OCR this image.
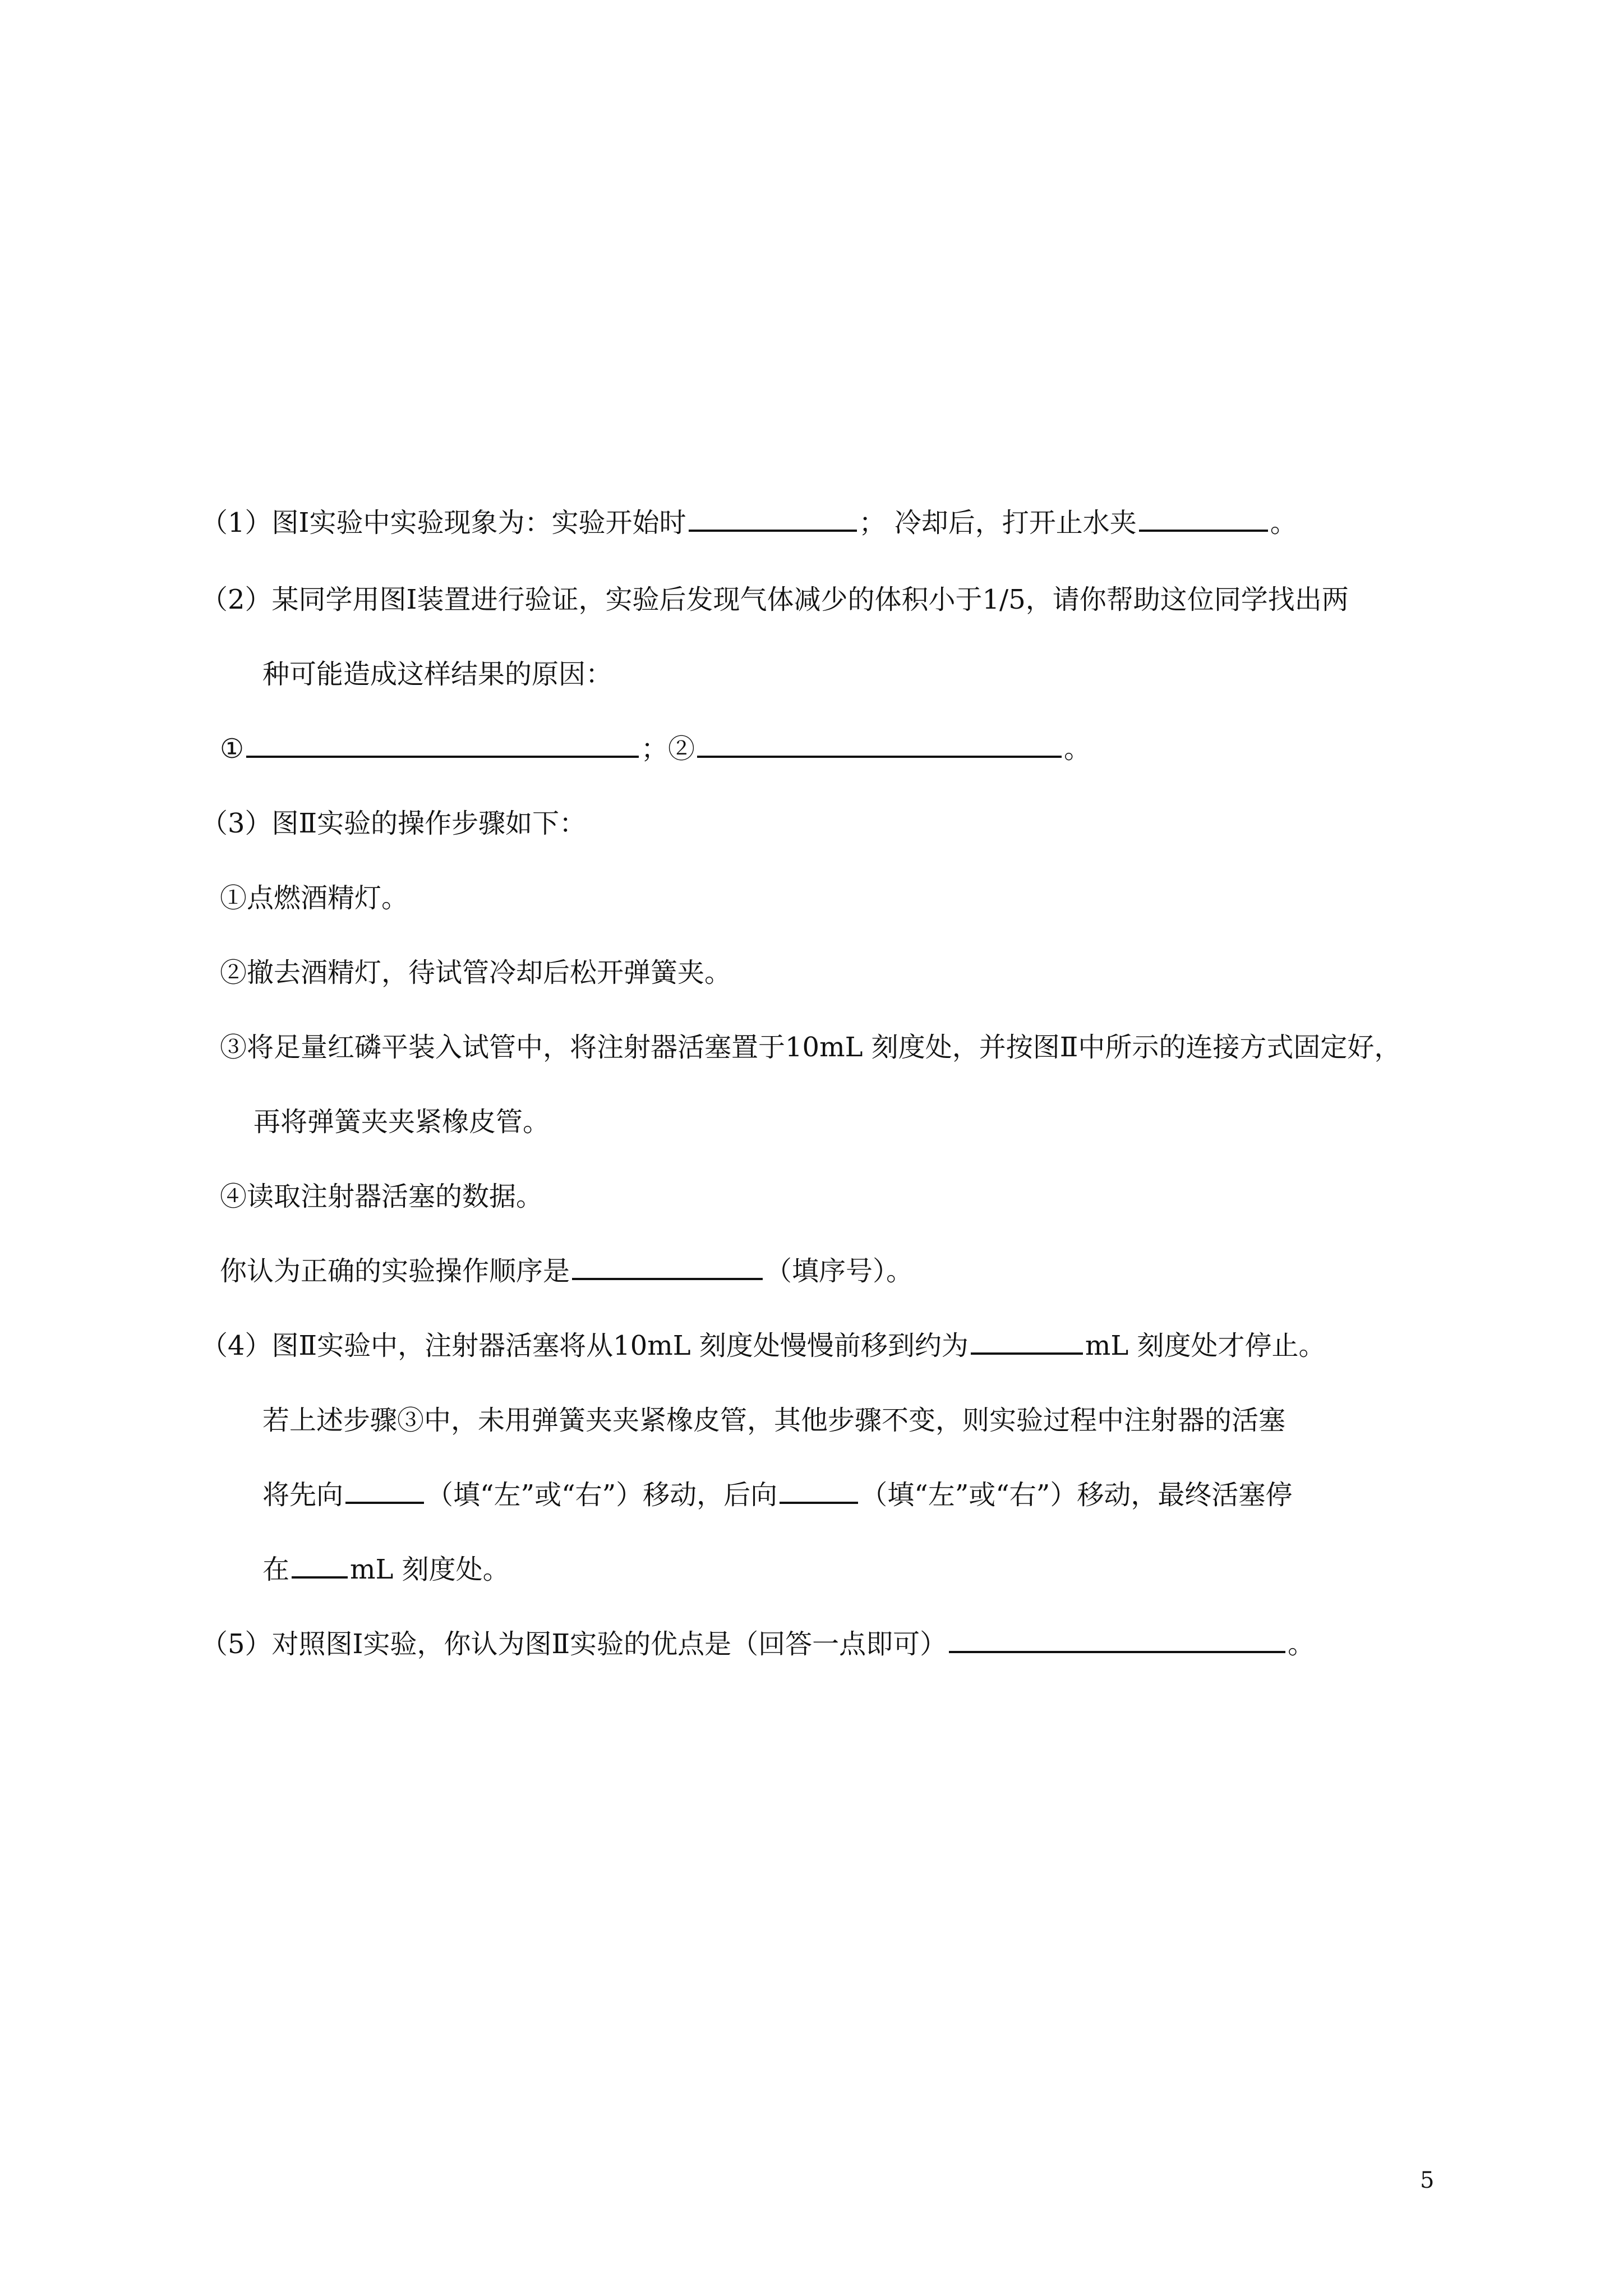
（1）图Ⅰ实验中实验现象为：实验开始时	； 冷却后，打开止水夹	。
（2）某同学用图Ⅰ装置进行验证，实验后发现气体减少的体积小于1/5，请你帮助这位同学找出两
种可能造成这样结果的原因：
①	；②	。
（3）图Ⅱ实验的操作步骤如下：
①点燃酒精灯。
②撤去酒精灯，待试管冷却后松开弹簧夹。
③将足量红磷平装入试管中，将注射器活塞置于10mL 刻度处，并按图Ⅱ中所示的连接方式固定好，
再将弹簧夹夹紧橡皮管。
④读取注射器活塞的数据。
你认为正确的实验操作顺序是	（填序号）。
（4）图Ⅱ实验中，注射器活塞将从10mL 刻度处慢慢前移到约为	mL 刻度处才停止。
若上述步骤③中，未用弹簧夹夹紧橡皮管，其他步骤不变，则实验过程中注射器的活塞
将先向	（填“左”或“右”）移动，后向	（填“左”或“右”）移动，最终活塞停
在 mL 刻度处。
（5）对照图Ⅰ实验，你认为图Ⅱ实验的优点是（回答一点即可）	。
5
